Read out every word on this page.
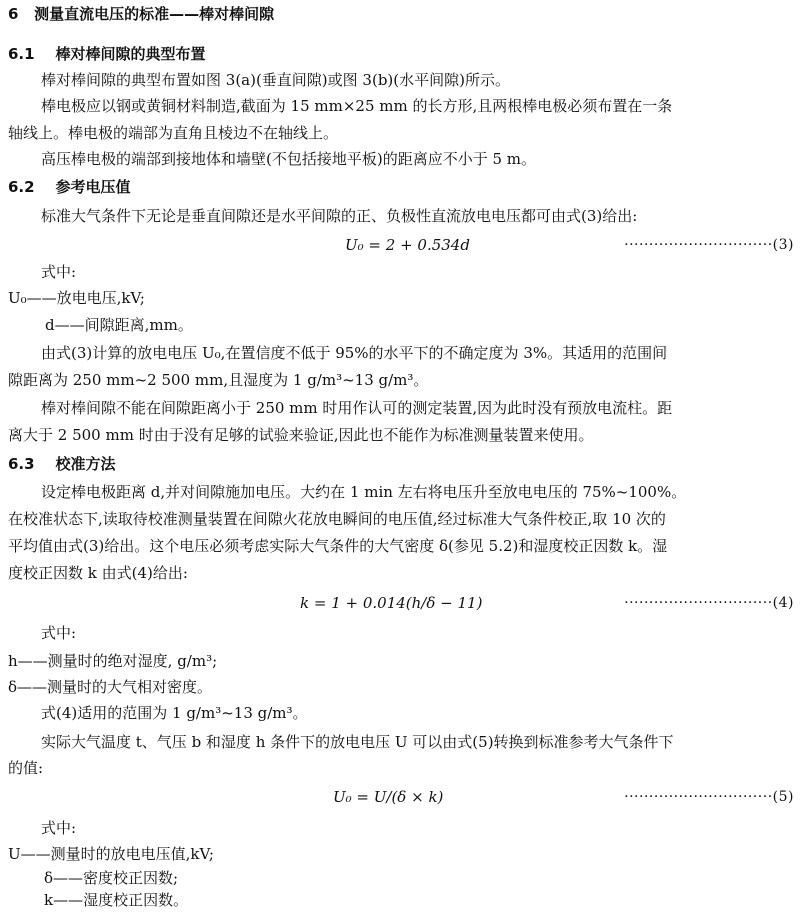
6 测量直流电压的标准——棒对棒间隙
6.1 棒对棒间隙的典型布置
棒对棒间隙的典型布置如图 3(a)(垂直间隙)或图 3(b)(水平间隙)所示。
棒电极应以钢或黄铜材料制造,截面为 15 mm×25 mm 的长方形,且两根棒电极必须布置在一条
轴线上。棒电极的端部为直角且棱边不在轴线上。
高压棒电极的端部到接地体和墙壁(不包括接地平板)的距离应不小于 5 m。
6.2 参考电压值
标准大气条件下无论是垂直间隙还是水平间隙的正、负极性直流放电电压都可由式(3)给出:
U₀ = 2 + 0.534d	······························(3)
式中:
U₀——放电电压,kV;
d——间隙距离,mm。
由式(3)计算的放电电压 U₀,在置信度不低于 95%的水平下的不确定度为 3%。其适用的范围间
隙距离为 250 mm~2 500 mm,且湿度为 1 g/m³~13 g/m³。
棒对棒间隙不能在间隙距离小于 250 mm 时用作认可的测定装置,因为此时没有预放电流柱。距
离大于 2 500 mm 时由于没有足够的试验来验证,因此也不能作为标准测量装置来使用。
6.3 校准方法
设定棒电极距离 d,并对间隙施加电压。大约在 1 min 左右将电压升至放电电压的 75%~100%。
在校准状态下,读取待校准测量装置在间隙火花放电瞬间的电压值,经过标准大气条件校正,取 10 次的
平均值由式(3)给出。这个电压必须考虑实际大气条件的大气密度 δ(参见 5.2)和湿度校正因数 k。湿
度校正因数 k 由式(4)给出:
k = 1 + 0.014(h/δ − 11)	······························(4)
式中:
h——测量时的绝对湿度, g/m³;
δ——测量时的大气相对密度。
式(4)适用的范围为 1 g/m³~13 g/m³。
实际大气温度 t、气压 b 和湿度 h 条件下的放电电压 U 可以由式(5)转换到标准参考大气条件下
的值:
U₀ = U/(δ × k)	······························(5)
式中:
U——测量时的放电电压值,kV;
δ——密度校正因数;
k——湿度校正因数。
